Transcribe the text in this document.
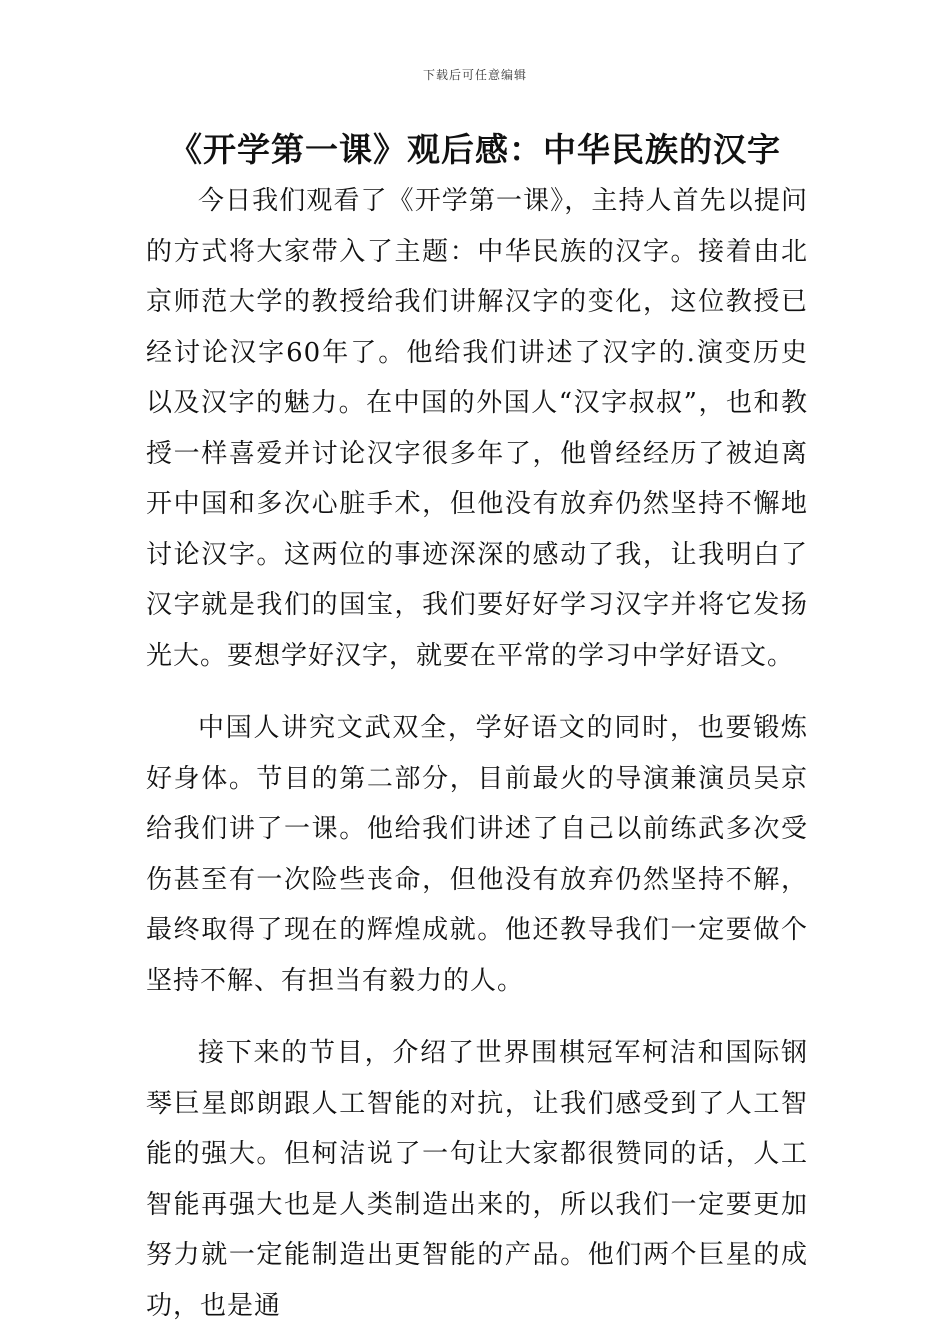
下载后可任意编辑
《开学第一课》观后感：中华民族的汉字

今日我们观看了《开学第一课》，主持人首先以提问的方式将大家带入了主题：中华民族的汉字。接着由北京师范大学的教授给我们讲解汉字的变化，这位教授已经讨论汉字60年了。他给我们讲述了汉字的.演变历史以及汉字的魅力。在中国的外国人“汉字叔叔”，也和教授一样喜爱并讨论汉字很多年了，他曾经经历了被迫离开中国和多次心脏手术，但他没有放弃仍然坚持不懈地讨论汉字。这两位的事迹深深的感动了我，让我明白了汉字就是我们的国宝，我们要好好学习汉字并将它发扬光大。要想学好汉字，就要在平常的学习中学好语文。

中国人讲究文武双全，学好语文的同时，也要锻炼好身体。节目的第二部分，目前最火的导演兼演员吴京给我们讲了一课。他给我们讲述了自己以前练武多次受伤甚至有一次险些丧命，但他没有放弃仍然坚持不解，最终取得了现在的辉煌成就。他还教导我们一定要做个坚持不解、有担当有毅力的人。

接下来的节目，介绍了世界围棋冠军柯洁和国际钢琴巨星郎朗跟人工智能的对抗，让我们感受到了人工智能的强大。但柯洁说了一句让大家都很赞同的话，人工智能再强大也是人类制造出来的，所以我们一定要更加努力就一定能制造出更智能的产品。他们两个巨星的成功，也是通
